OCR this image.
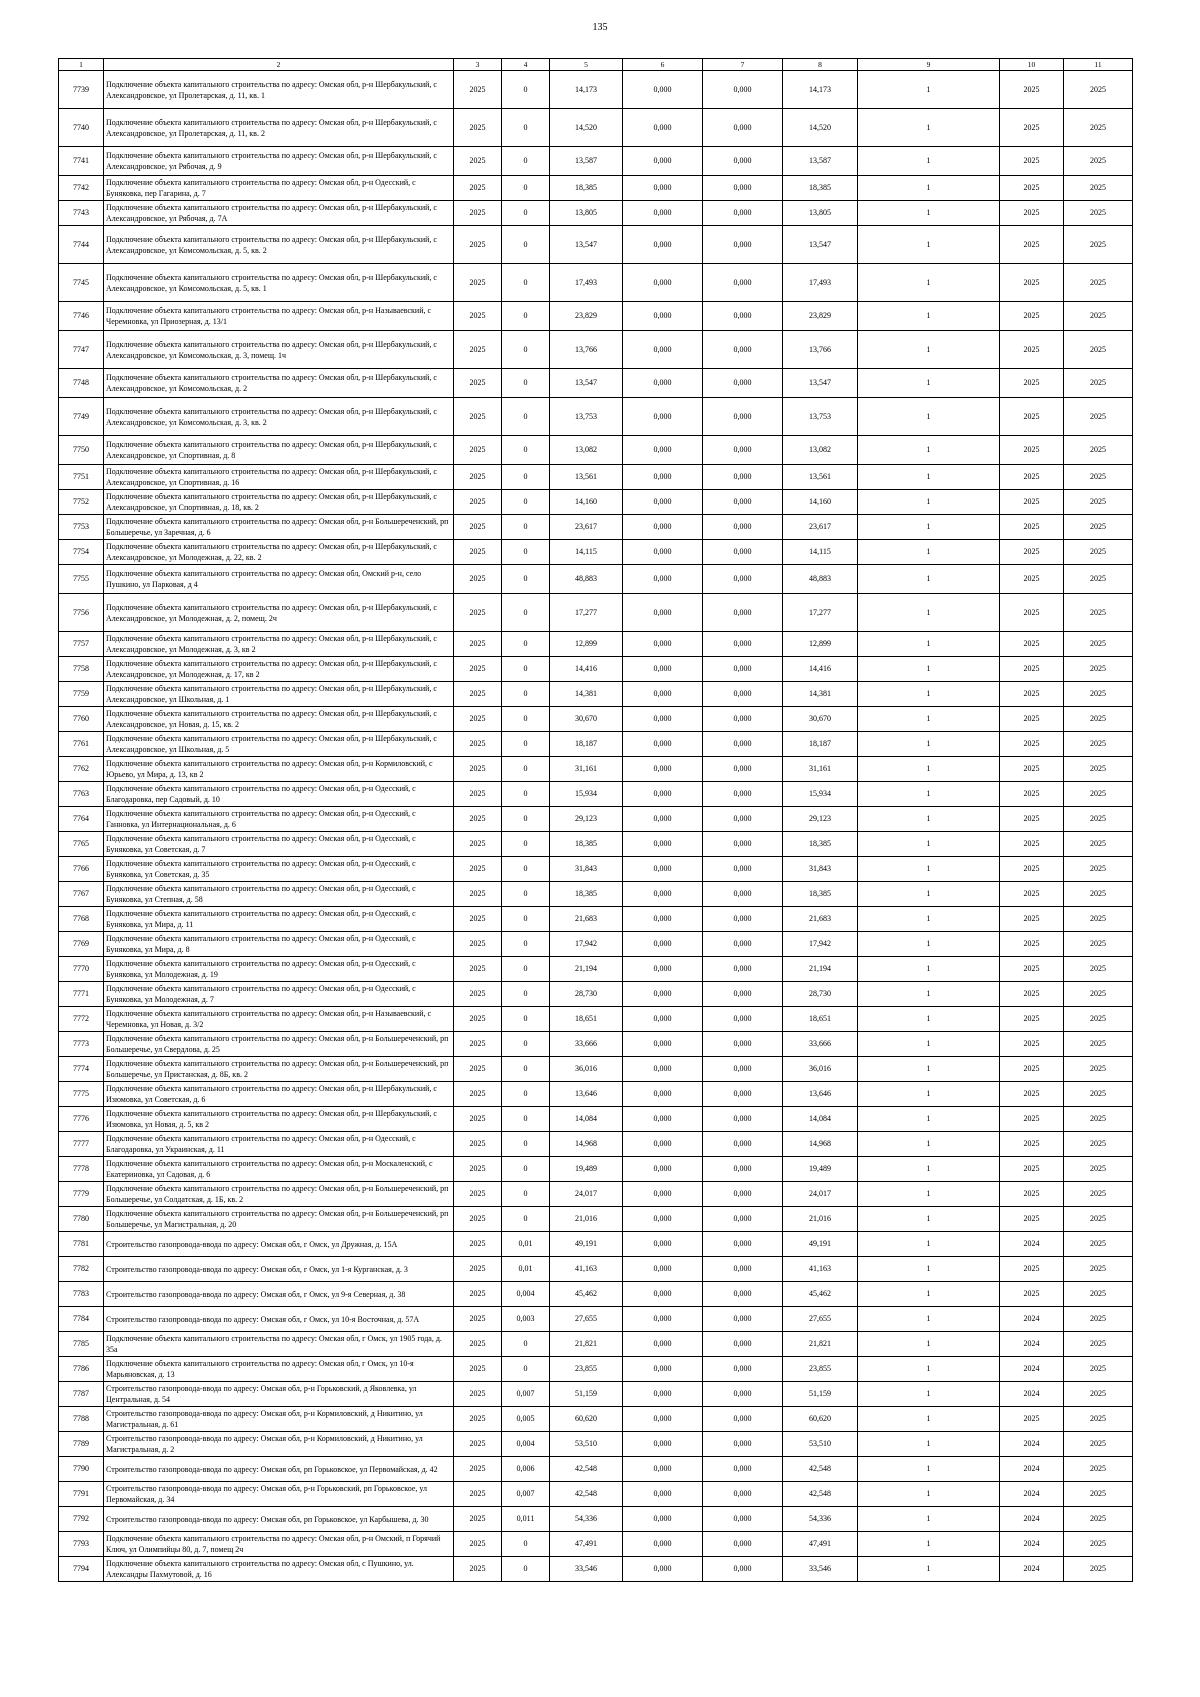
135
1	2	3	4	5	6	7	8	9	10	11
7739	Подключение объекта капитального строительства по адресу: Омская обл, р-н Шербакульский, с Александровское, ул Пролетарская, д. 11, кв. 1	2025	0	14,173	0,000	0,000	14,173	1	2025	2025
7740	Подключение объекта капитального строительства по адресу: Омская обл, р-н Шербакульский, с Александровское, ул Пролетарская, д. 11, кв. 2	2025	0	14,520	0,000	0,000	14,520	1	2025	2025
7741	Подключение объекта капитального строительства по адресу: Омская обл, р-н Шербакульский, с Александровское, ул Рябочая, д. 9	2025	0	13,587	0,000	0,000	13,587	1	2025	2025
7742	Подключение объекта капитального строительства по адресу: Омская обл, р-н Одесский, с Буняковка, пер Гагарина, д. 7	2025	0	18,385	0,000	0,000	18,385	1	2025	2025
7743	Подключение объекта капитального строительства по адресу: Омская обл, р-н Шербакульский, с Александровское, ул Рябочая, д. 7А	2025	0	13,805	0,000	0,000	13,805	1	2025	2025
7744	Подключение объекта капитального строительства по адресу: Омская обл, р-н Шербакульский, с Александровское, ул Комсомольская, д. 5, кв. 2	2025	0	13,547	0,000	0,000	13,547	1	2025	2025
7745	Подключение объекта капитального строительства по адресу: Омская обл, р-н Шербакульский, с Александровское, ул Комсомольская, д. 5, кв. 1	2025	0	17,493	0,000	0,000	17,493	1	2025	2025
7746	Подключение объекта капитального строительства по адресу: Омская обл, р-н Называевский, с Черемновка, ул Приозерная, д. 13/1	2025	0	23,829	0,000	0,000	23,829	1	2025	2025
7747	Подключение объекта капитального строительства по адресу: Омская обл, р-н Шербакульский, с Александровское, ул Комсомольская, д. 3, помещ. 1ч	2025	0	13,766	0,000	0,000	13,766	1	2025	2025
7748	Подключение объекта капитального строительства по адресу: Омская обл, р-н Шербакульский, с Александровское, ул Комсомольская, д. 2	2025	0	13,547	0,000	0,000	13,547	1	2025	2025
7749	Подключение объекта капитального строительства по адресу: Омская обл, р-н Шербакульский, с Александровское, ул Комсомольская, д. 3, кв. 2	2025	0	13,753	0,000	0,000	13,753	1	2025	2025
7750	Подключение объекта капитального строительства по адресу: Омская обл, р-н Шербакульский, с Александровское, ул Спортивная, д. 8	2025	0	13,082	0,000	0,000	13,082	1	2025	2025
7751	Подключение объекта капитального строительства по адресу: Омская обл, р-н Шербакульский, с Александровское, ул Спортивная, д. 16	2025	0	13,561	0,000	0,000	13,561	1	2025	2025
7752	Подключение объекта капитального строительства по адресу: Омская обл, р-н Шербакульский, с Александровское, ул Спортивная, д. 18, кв. 2	2025	0	14,160	0,000	0,000	14,160	1	2025	2025
7753	Подключение объекта капитального строительства по адресу: Омская обл, р-н Большереченский, рп Большеречье, ул Заречная, д. 6	2025	0	23,617	0,000	0,000	23,617	1	2025	2025
7754	Подключение объекта капитального строительства по адресу: Омская обл, р-н Шербакульский, с Александровское, ул Молодежная, д. 22, кв. 2	2025	0	14,115	0,000	0,000	14,115	1	2025	2025
7755	Подключение объекта капитального строительства по адресу: Омская обл, Омский р-н, село Пушкино, ул Парковая, д 4	2025	0	48,883	0,000	0,000	48,883	1	2025	2025
7756	Подключение объекта капитального строительства по адресу: Омская обл, р-н Шербакульский, с Александровское, ул Молодежная, д. 2, помещ. 2ч	2025	0	17,277	0,000	0,000	17,277	1	2025	2025
7757	Подключение объекта капитального строительства по адресу: Омская обл, р-н Шербакульский, с Александровское, ул Молодежная, д. 3, кв 2	2025	0	12,899	0,000	0,000	12,899	1	2025	2025
7758	Подключение объекта капитального строительства по адресу: Омская обл, р-н Шербакульский, с Александровское, ул Молодежная, д. 17, кв 2	2025	0	14,416	0,000	0,000	14,416	1	2025	2025
7759	Подключение объекта капитального строительства по адресу: Омская обл, р-н Шербакульский, с Александровское, ул Школьная, д. 1	2025	0	14,381	0,000	0,000	14,381	1	2025	2025
7760	Подключение объекта капитального строительства по адресу: Омская обл, р-н Шербакульский, с Александровское, ул Новая, д. 15, кв. 2	2025	0	30,670	0,000	0,000	30,670	1	2025	2025
7761	Подключение объекта капитального строительства по адресу: Омская обл, р-н Шербакульский, с Александровское, ул Школьная, д. 5	2025	0	18,187	0,000	0,000	18,187	1	2025	2025
7762	Подключение объекта капитального строительства по адресу: Омская обл, р-н Кормиловский, с Юрьево, ул Мира, д. 13, кв 2	2025	0	31,161	0,000	0,000	31,161	1	2025	2025
7763	Подключение объекта капитального строительства по адресу: Омская обл, р-н Одесский, с Благодаровка, пер Садовый, д. 10	2025	0	15,934	0,000	0,000	15,934	1	2025	2025
7764	Подключение объекта капитального строительства по адресу: Омская обл, р-н Одесский, с Ганновка, ул Интернациональная, д. 6	2025	0	29,123	0,000	0,000	29,123	1	2025	2025
7765	Подключение объекта капитального строительства по адресу: Омская обл, р-н Одесский, с Буняковка, ул Советская, д. 7	2025	0	18,385	0,000	0,000	18,385	1	2025	2025
7766	Подключение объекта капитального строительства по адресу: Омская обл, р-н Одесский, с Буняковка, ул Советская, д. 35	2025	0	31,843	0,000	0,000	31,843	1	2025	2025
7767	Подключение объекта капитального строительства по адресу: Омская обл, р-н Одесский, с Буняковка, ул Степная, д. 58	2025	0	18,385	0,000	0,000	18,385	1	2025	2025
7768	Подключение объекта капитального строительства по адресу: Омская обл, р-н Одесский, с Буняковка, ул Мира, д. 11	2025	0	21,683	0,000	0,000	21,683	1	2025	2025
7769	Подключение объекта капитального строительства по адресу: Омская обл, р-н Одесский, с Буняковка, ул Мира, д. 8	2025	0	17,942	0,000	0,000	17,942	1	2025	2025
7770	Подключение объекта капитального строительства по адресу: Омская обл, р-н Одесский, с Буняковка, ул Молодежная, д. 19	2025	0	21,194	0,000	0,000	21,194	1	2025	2025
7771	Подключение объекта капитального строительства по адресу: Омская обл, р-н Одесский, с Буняковка, ул Молодежная, д. 7	2025	0	28,730	0,000	0,000	28,730	1	2025	2025
7772	Подключение объекта капитального строительства по адресу: Омская обл, р-н Называевский, с Черемновка, ул Новая, д. 3/2	2025	0	18,651	0,000	0,000	18,651	1	2025	2025
7773	Подключение объекта капитального строительства по адресу: Омская обл, р-н Большереченский, рп Большеречье, ул Свердлова, д. 25	2025	0	33,666	0,000	0,000	33,666	1	2025	2025
7774	Подключение объекта капитального строительства по адресу: Омская обл, р-н Большереченский, рп Большеречье, ул Пристанская, д. 8Б, кв. 2	2025	0	36,016	0,000	0,000	36,016	1	2025	2025
7775	Подключение объекта капитального строительства по адресу: Омская обл, р-н Шербакульский, с Изюмовка, ул Советская, д. 6	2025	0	13,646	0,000	0,000	13,646	1	2025	2025
7776	Подключение объекта капитального строительства по адресу: Омская обл, р-н Шербакульский, с Изюмовка, ул Новая, д. 5, кв 2	2025	0	14,084	0,000	0,000	14,084	1	2025	2025
7777	Подключение объекта капитального строительства по адресу: Омская обл, р-н Одесский, с Благодаровка, ул Украинская, д. 11	2025	0	14,968	0,000	0,000	14,968	1	2025	2025
7778	Подключение объекта капитального строительства по адресу: Омская обл, р-н Москаленский, с Екатериновка, ул Садовая, д. 6	2025	0	19,489	0,000	0,000	19,489	1	2025	2025
7779	Подключение объекта капитального строительства по адресу: Омская обл, р-н Большереченский, рп Большеречье, ул Солдатская, д. 1Б, кв. 2	2025	0	24,017	0,000	0,000	24,017	1	2025	2025
7780	Подключение объекта капитального строительства по адресу: Омская обл, р-н Большереченский, рп Большеречье, ул Магистральная, д. 20	2025	0	21,016	0,000	0,000	21,016	1	2025	2025
7781	Строительство газопровода-ввода по адресу: Омская обл, г Омск, ул Дружная, д. 15А	2025	0,01	49,191	0,000	0,000	49,191	1	2024	2025
7782	Строительство газопровода-ввода по адресу: Омская обл, г Омск, ул 1-я Курганская, д. 3	2025	0,01	41,163	0,000	0,000	41,163	1	2025	2025
7783	Строительство газопровода-ввода по адресу: Омская обл, г Омск, ул 9-я Северная, д. 38	2025	0,004	45,462	0,000	0,000	45,462	1	2025	2025
7784	Строительство газопровода-ввода по адресу: Омская обл, г Омск, ул 10-я Восточная, д. 57А	2025	0,003	27,655	0,000	0,000	27,655	1	2024	2025
7785	Подключение объекта капитального строительства по адресу: Омская обл, г Омск, ул 1905 года, д. 35а	2025	0	21,821	0,000	0,000	21,821	1	2024	2025
7786	Подключение объекта капитального строительства по адресу: Омская обл, г Омск, ул 10-я Марьяновская, д. 13	2025	0	23,855	0,000	0,000	23,855	1	2024	2025
7787	Строительство газопровода-ввода по адресу: Омская обл, р-н Горьковский, д Яковлевка, ул Центральная, д. 54	2025	0,007	51,159	0,000	0,000	51,159	1	2024	2025
7788	Строительство газопровода-ввода по адресу: Омская обл, р-н Кормиловский, д Никитино, ул Магистральная, д. 61	2025	0,005	60,620	0,000	0,000	60,620	1	2025	2025
7789	Строительство газопровода-ввода по адресу: Омская обл, р-н Кормиловский, д Никитино, ул Магистральная, д. 2	2025	0,004	53,510	0,000	0,000	53,510	1	2024	2025
7790	Строительство газопровода-ввода по адресу: Омская обл, рп Горьковское, ул Первомайская, д. 42	2025	0,006	42,548	0,000	0,000	42,548	1	2024	2025
7791	Строительство газопровода-ввода по адресу: Омская обл, р-н Горьковский, рп Горьковское, ул Первомайская, д. 34	2025	0,007	42,548	0,000	0,000	42,548	1	2024	2025
7792	Строительство газопровода-ввода по адресу: Омская обл, рп Горьковское, ул Карбышева, д. 30	2025	0,011	54,336	0,000	0,000	54,336	1	2024	2025
7793	Подключение объекта капитального строительства по адресу: Омская обл, р-н Омский, п Горячий Ключ, ул Олимпийцы 80, д. 7, помещ 2ч	2025	0	47,491	0,000	0,000	47,491	1	2024	2025
7794	Подключение объекта капитального строительства по адресу: Омская обл, с Пушкино, ул. Александры Пахмутовой, д. 16	2025	0	33,546	0,000	0,000	33,546	1	2024	2025
